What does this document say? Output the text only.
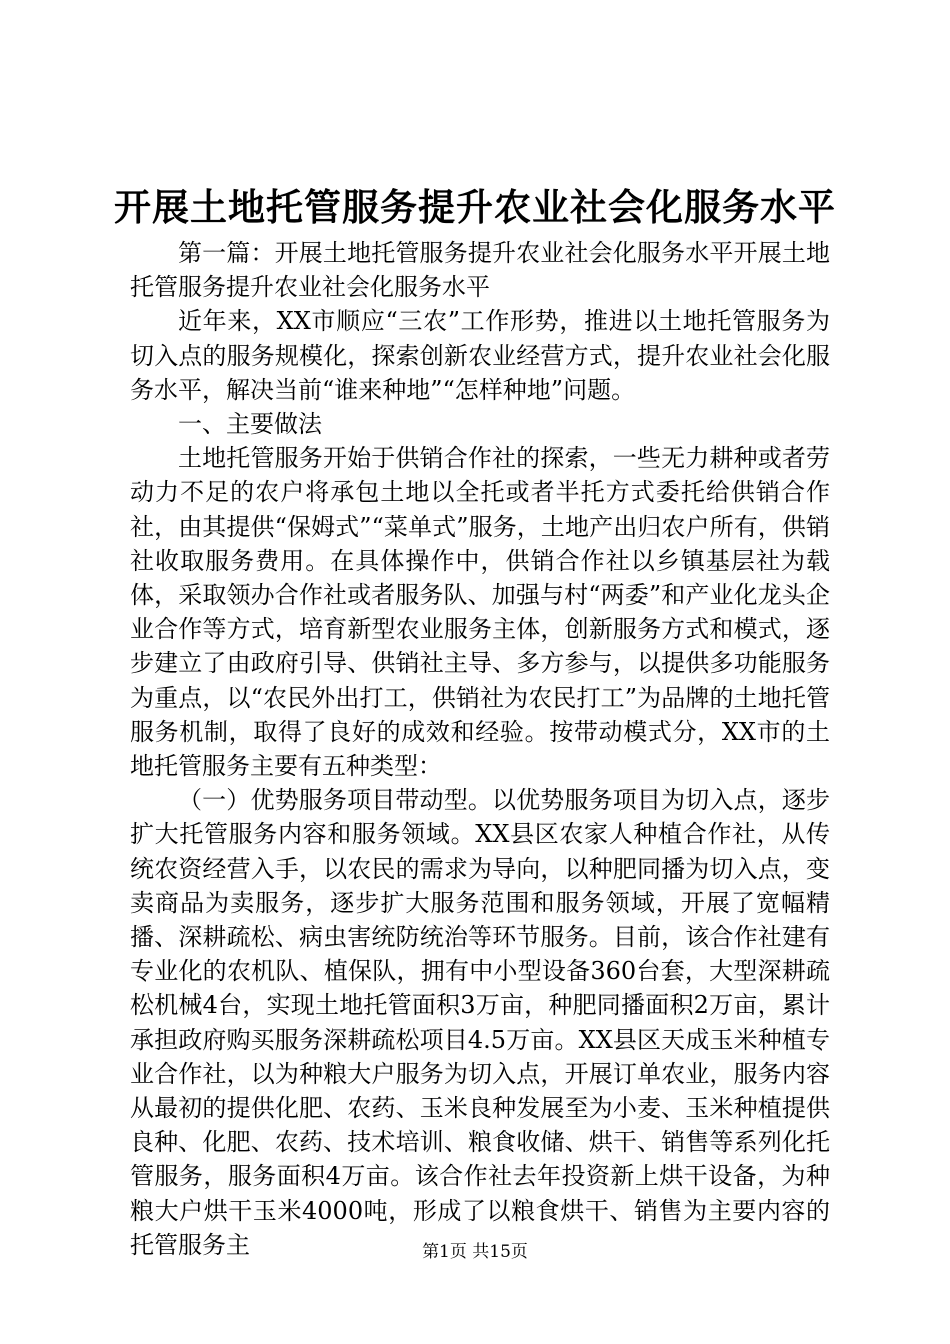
开展土地托管服务提升农业社会化服务水平

第一篇：开展土地托管服务提升农业社会化服务水平开展土地托管服务提升农业社会化服务水平

近年来，XX市顺应“三农”工作形势，推进以土地托管服务为切入点的服务规模化，探索创新农业经营方式，提升农业社会化服务水平，解决当前“谁来种地”“怎样种地”问题。

一、主要做法

土地托管服务开始于供销合作社的探索，一些无力耕种或者劳动力不足的农户将承包土地以全托或者半托方式委托给供销合作社，由其提供“保姆式”“菜单式”服务，土地产出归农户所有，供销社收取服务费用。在具体操作中，供销合作社以乡镇基层社为载体，采取领办合作社或者服务队、加强与村“两委”和产业化龙头企业合作等方式，培育新型农业服务主体，创新服务方式和模式，逐步建立了由政府引导、供销社主导、多方参与，以提供多功能服务为重点，以“农民外出打工，供销社为农民打工”为品牌的土地托管服务机制，取得了良好的成效和经验。按带动模式分，XX市的土地托管服务主要有五种类型：

（一）优势服务项目带动型。以优势服务项目为切入点，逐步扩大托管服务内容和服务领域。XX县区农家人种植合作社，从传统农资经营入手，以农民的需求为导向，以种肥同播为切入点，变卖商品为卖服务，逐步扩大服务范围和服务领域，开展了宽幅精播、深耕疏松、病虫害统防统治等环节服务。目前，该合作社建有专业化的农机队、植保队，拥有中小型设备360台套，大型深耕疏松机械4台，实现土地托管面积3万亩，种肥同播面积2万亩，累计承担政府购买服务深耕疏松项目4.5万亩。XX县区天成玉米种植专业合作社，以为种粮大户服务为切入点，开展订单农业，服务内容从最初的提供化肥、农药、玉米良种发展至为小麦、玉米种植提供良种、化肥、农药、技术培训、粮食收储、烘干、销售等系列化托管服务，服务面积4万亩。该合作社去年投资新上烘干设备，为种粮大户烘干玉米4000吨，形成了以粮食烘干、销售为主要内容的托管服务主	第1页 共15页
